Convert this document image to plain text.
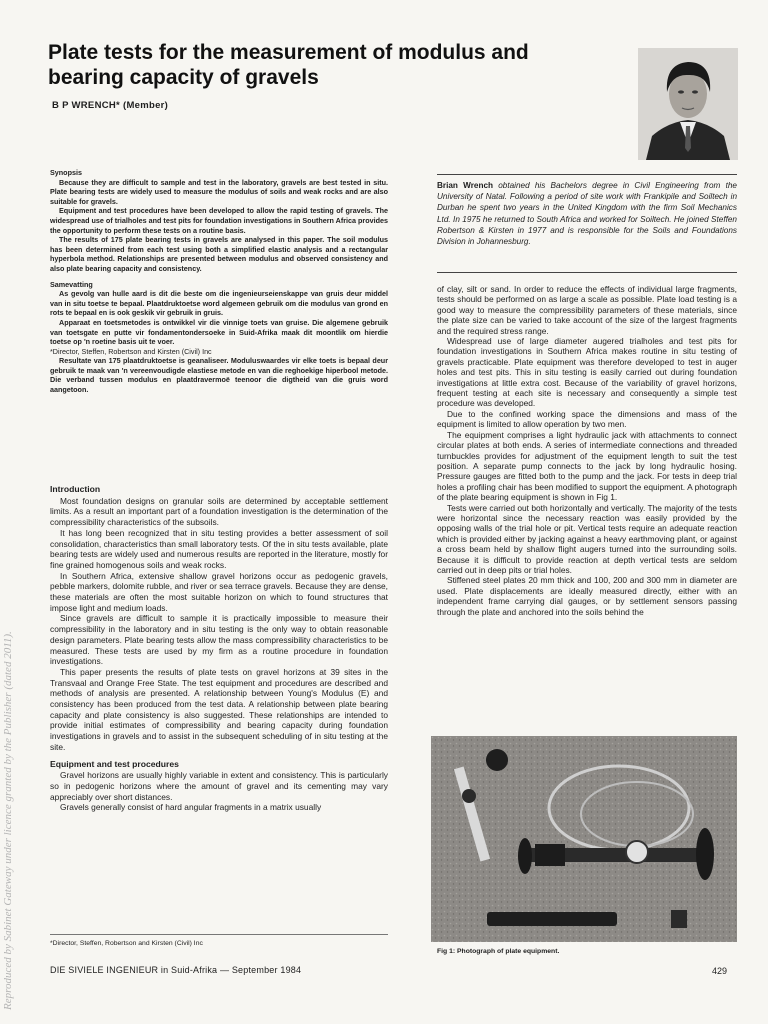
Plate tests for the measurement of modulus and bearing capacity of gravels
B P WRENCH* (Member)

Synopsis

Because they are difficult to sample and test in the laboratory, gravels are best tested in situ. Plate bearing tests are widely used to measure the modulus of soils and weak rocks and are also suitable for gravels.

Equipment and test procedures have been developed to allow the rapid testing of gravels. The widespread use of trialholes and test pits for foundation investigations in Southern Africa provides the opportunity to perform these tests on a routine basis.

The results of 175 plate bearing tests in gravels are analysed in this paper. The soil modulus has been determined from each test using both a simplified elastic analysis and a rectangular hyperbola method. Relationships are presented between modulus and observed consistency and also plate bearing capacity and consistency.

Samevatting

As gevolg van hulle aard is dit die beste om die ingenieurseienskappe van gruis deur middel van in situ toetse te bepaal. Plaatdruktoetse word algemeen gebruik om die modulus van grond en rots te bepaal en is ook geskik vir gebruik in gruis.

Apparaat en toetsmetodes is ontwikkel vir die vinnige toets van gruise. Die algemene gebruik van toetsgate en putte vir fondamentondersoeke in Suid-Afrika maak dit moontlik om hierdie toetse op 'n roetine basis uit te voer.

*Director, Steffen, Robertson and Kirsten (Civil) Inc

Resultate van 175 plaatdruktoetse is geanaliseer. Moduluswaardes vir elke toets is bepaal deur gebruik te maak van 'n vereenvoudigde elastiese metode en van die reghoekige hiperbool metode. Die verband tussen modulus en plaatdravermoë teenoor die digtheid van die gruis word aangetoon.

Brian Wrench obtained his Bachelors degree in Civil Engineering from the University of Natal. Following a period of site work with Frankipile and Soiltech in Durban he spent two years in the United Kingdom with the firm Soil Mechanics Ltd. In 1975 he returned to South Africa and worked for Soiltech. He joined Steffen Robertson & Kirsten in 1977 and is responsible for the Soils and Foundations Division in Johannesburg.

Introduction

Most foundation designs on granular soils are determined by acceptable settlement limits. As a result an important part of a foundation investigation is the determination of the compressibility characteristics of the subsoils.

It has long been recognized that in situ testing provides a better assessment of soil consolidation, characteristics than small laboratory tests. Of the in situ tests available, plate bearing tests are widely used and numerous results are reported in the literature, mostly for fine grained homogenous soils and weak rocks.

In Southern Africa, extensive shallow gravel horizons occur as pedogenic gravels, pebble markers, dolomite rubble, and river or sea terrace gravels. Because they are dense, these materials are often the most suitable horizon on which to found structures that impose light and medium loads.

Since gravels are difficult to sample it is practically impossible to measure their compressibility in the laboratory and in situ testing is the only way to obtain reasonable design parameters. Plate bearing tests allow the mass compressibility characteristics to be measured. These tests are used by my firm as a routine procedure in foundation investigations.

This paper presents the results of plate tests on gravel horizons at 39 sites in the Transvaal and Orange Free State. The test equipment and procedures are described and methods of analysis are presented. A relationship between Young's Modulus (E) and consistency has been produced from the test data. A relationship between plate bearing capacity and plate consistency is also suggested. These relationships are intended to provide initial estimates of compressibility and bearing capacity during foundation investigations in gravels and to assist in the subsequent scheduling of in situ testing at the site.

Equipment and test procedures

Gravel horizons are usually highly variable in extent and consistency. This is particularly so in pedogenic horizons where the amount of gravel and its cementing may vary appreciably over short distances.

Gravels generally consist of hard angular fragments in a matrix usually

of clay, silt or sand. In order to reduce the effects of individual large fragments, tests should be performed on as large a scale as possible. Plate load testing is a good way to measure the compressibility parameters of these materials, since the plate size can be varied to take account of the size of the largest fragments and the required stress range.

Widespread use of large diameter augered trialholes and test pits for foundation investigations in Southern Africa makes routine in situ testing of gravels practicable. Plate equipment was therefore developed to test in auger holes and test pits. This in situ testing is easily carried out during foundation investigations at little extra cost. Because of the variability of gravel horizons, frequent testing at each site is necessary and consequently a simple test procedure was developed.

Due to the confined working space the dimensions and mass of the equipment is limited to allow operation by two men.

The equipment comprises a light hydraulic jack with attachments to connect circular plates at both ends. A series of intermediate connections and threaded turnbuckles provides for adjustment of the equipment length to suit the test position. A separate pump connects to the jack by long hydraulic hosing. Pressure gauges are fitted both to the pump and the jack. For tests in deep trial holes a profiling chair has been modified to support the equipment. A photograph of the plate bearing equipment is shown in Fig 1.

Tests were carried out both horizontally and vertically. The majority of the tests were horizontal since the necessary reaction was easily provided by the opposing walls of the trial hole or pit. Vertical tests require an adequate reaction which is provided either by jacking against a heavy earthmoving plant, or against a cross beam held by shallow flight augers turned into the surrounding soils. Because it is difficult to provide reaction at depth vertical tests are seldom carried out in deep pits or trial holes.

Stiffened steel plates 20 mm thick and 100, 200 and 300 mm in diameter are used. Plate displacements are ideally measured directly, either with an independent frame carrying dial gauges, or by settlement sensors passing through the plate and anchored into the soils behind the

Fig 1: Photograph of plate equipment.
*Director, Steffen, Robertson and Kirsten (Civil) Inc
DIE SIVIELE INGENIEUR in Suid-Afrika — September 1984	429
Reproduced by Sabinet Gateway under licence granted by the Publisher (dated 2011).
